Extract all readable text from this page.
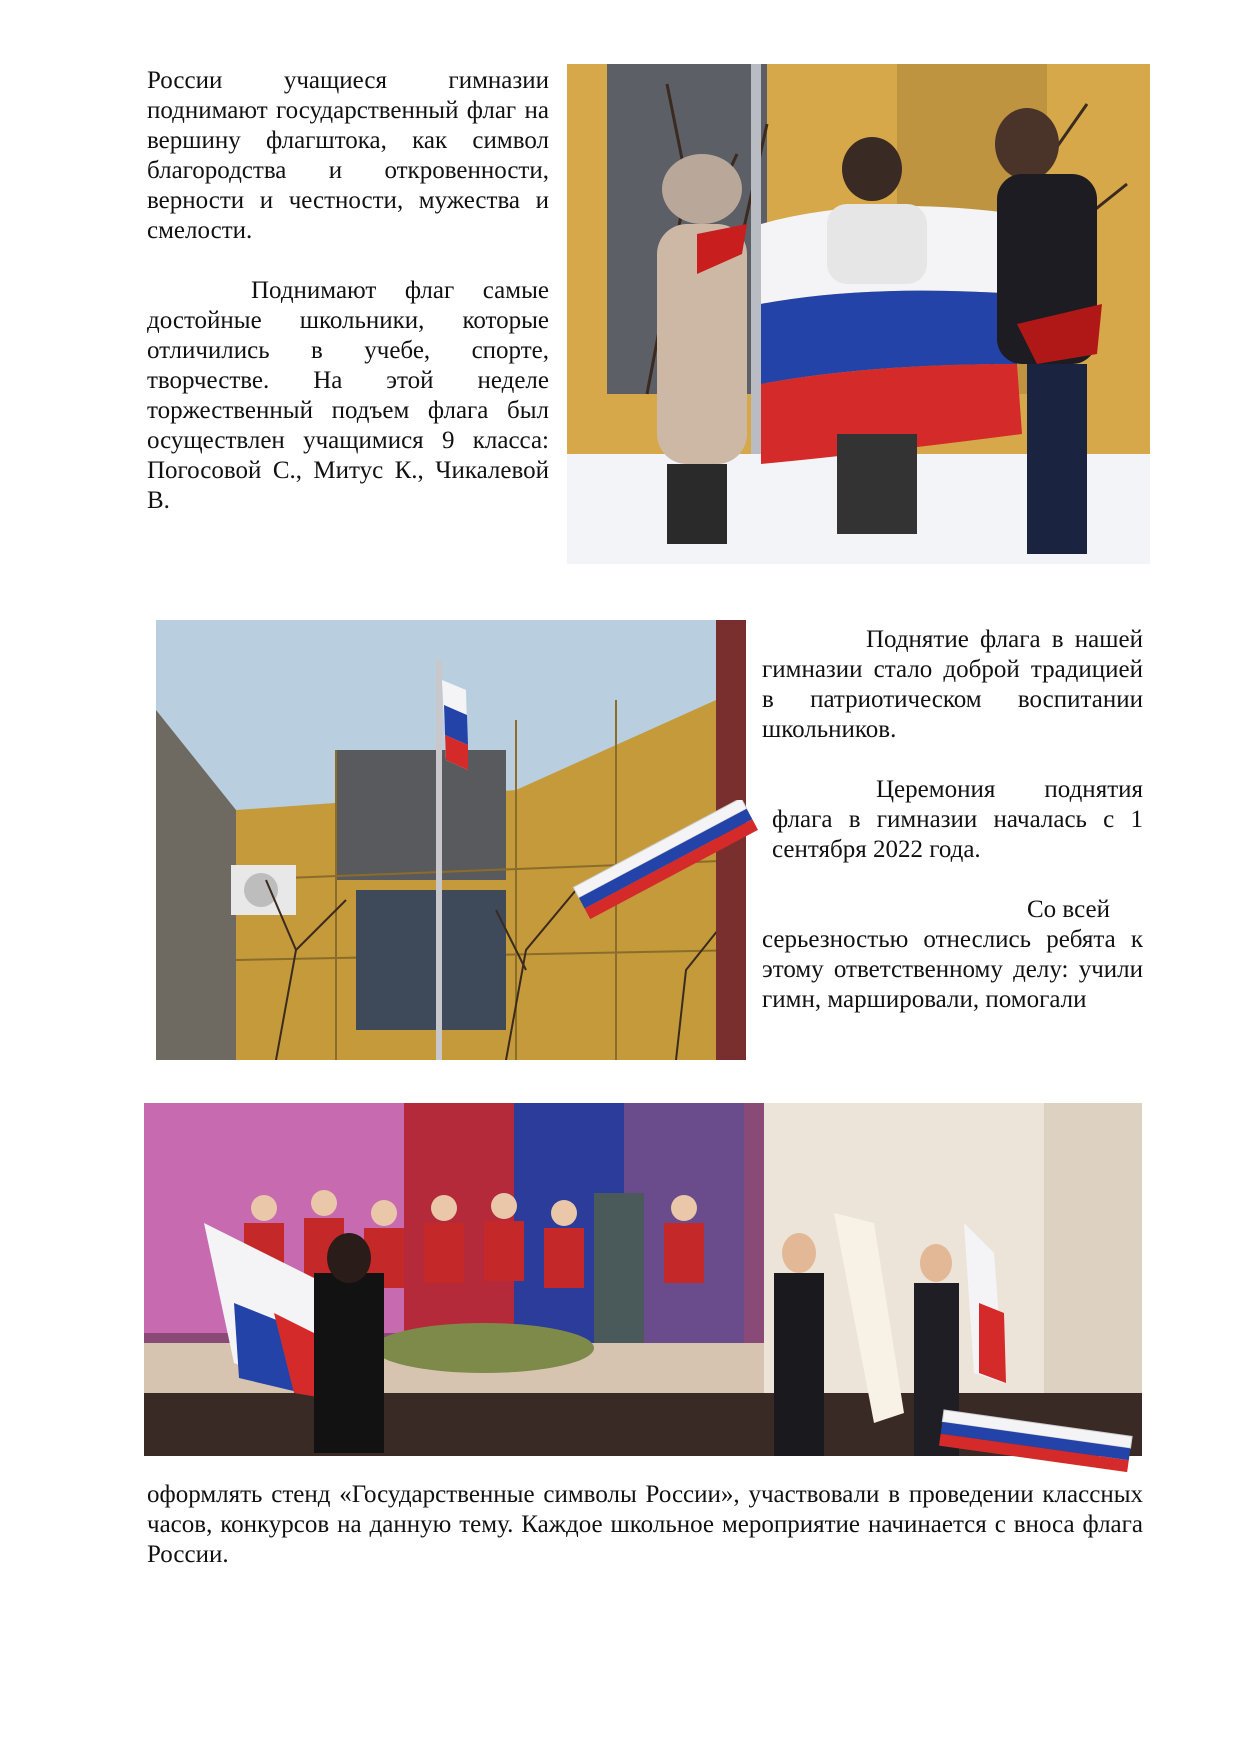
России учащиеся гимназии поднимают государственный флаг на вершину флагштока, как символ благородства и откровенности, верности и честности, мужества и смелости.

Поднимают флаг самые достойные школьники, которые отличились в учебе, спорте, творчестве. На этой неделе торжественный подъем флага был осуществлен учащимися 9 класса: Погосовой С., Митус К., Чикалевой В.

Поднятие флага в нашей гимназии стало доброй традицией в патриотическом воспитании школьников.

Церемония поднятия флага в гимназии началась с 1 сентября 2022 года.

Со всей

серьезностью отнеслись ребята к этому ответственному делу: учили гимн, маршировали, помогали

оформлять стенд «Государственные символы России», участвовали в проведении классных часов, конкурсов на данную тему. Каждое школьное мероприятие начинается с вноса флага России.
